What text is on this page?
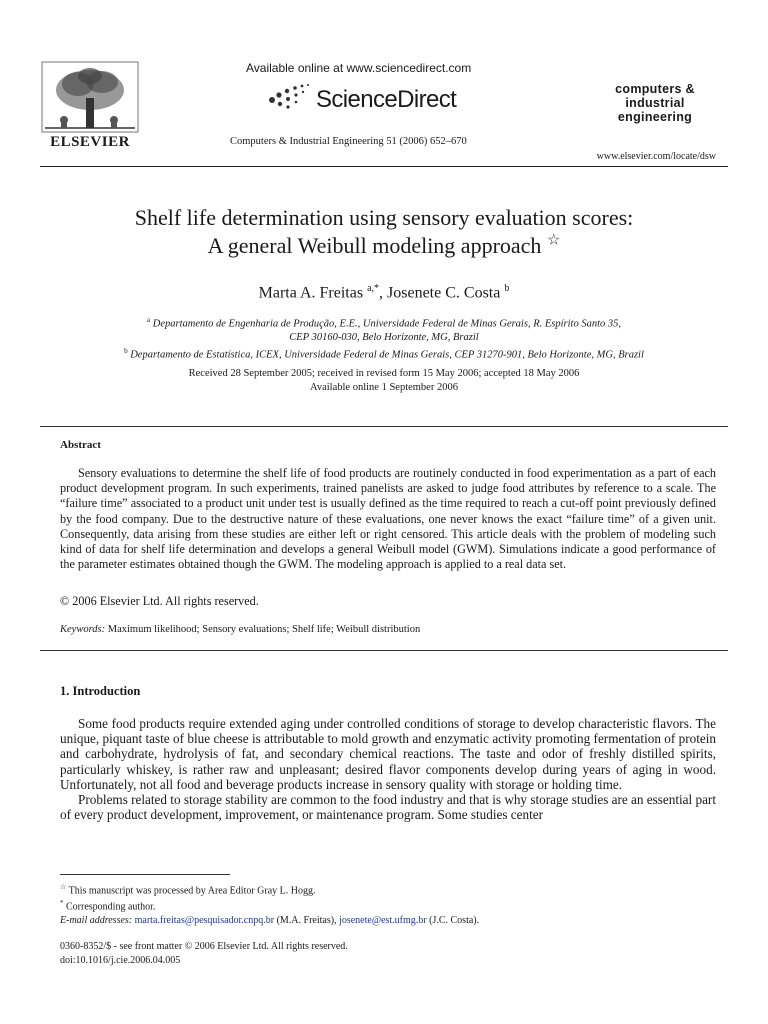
ELSEVIER
Available online at www.sciencedirect.com
ScienceDirect
Computers & Industrial Engineering 51 (2006) 652–670
computers &
industrial
engineering
www.elsevier.com/locate/dsw
Shelf life determination using sensory evaluation scores:
A general Weibull modeling approach ☆
Marta A. Freitas $^{a,*}$, Josenete C. Costa $^b$
$^a$ Departamento de Engenharia de Produção, E.E., Universidade Federal de Minas Gerais, R. Espírito Santo 35,
CEP 30160-030, Belo Horizonte, MG, Brazil
$^b$ Departamento de Estatística, ICEX, Universidade Federal de Minas Gerais, CEP 31270-901, Belo Horizonte, MG, Brazil
Received 28 September 2005; received in revised form 15 May 2006; accepted 18 May 2006
Available online 1 September 2006
Abstract

Sensory evaluations to determine the shelf life of food products are routinely conducted in food experimentation as a part of each product development program. In such experiments, trained panelists are asked to judge food attributes by reference to a scale. The “failure time” associated to a product unit under test is usually defined as the time required to reach a cut-off point previously defined by the food company. Due to the destructive nature of these evaluations, one never knows the exact “failure time” of a given unit. Consequently, data arising from these studies are either left or right censored. This article deals with the problem of modeling such kind of data for shelf life determination and develops a general Weibull model (GWM). Simulations indicate a good performance of the parameter estimates obtained though the GWM. The modeling approach is applied to a real data set.

© 2006 Elsevier Ltd. All rights reserved.
Keywords: Maximum likelihood; Sensory evaluations; Shelf life; Weibull distribution
1. Introduction

Some food products require extended aging under controlled conditions of storage to develop characteristic flavors. The unique, piquant taste of blue cheese is attributable to mold growth and enzymatic activity promoting fermentation of protein and carbohydrate, hydrolysis of fat, and secondary chemical reactions. The taste and odor of freshly distilled spirits, particularly whiskey, is rather raw and unpleasant; desired flavor components develop during years of aging in wood. Unfortunately, not all food and beverage products increase in sensory quality with storage or holding time.

Problems related to storage stability are common to the food industry and that is why storage studies are an essential part of every product development, improvement, or maintenance program. Some studies center

☆ This manuscript was processed by Area Editor Gray L. Hogg.
* Corresponding author.
E-mail addresses: marta.freitas@pesquisador.cnpq.br (M.A. Freitas), josenete@est.ufmg.br (J.C. Costa).
0360-8352/$ - see front matter © 2006 Elsevier Ltd. All rights reserved.
doi:10.1016/j.cie.2006.04.005
